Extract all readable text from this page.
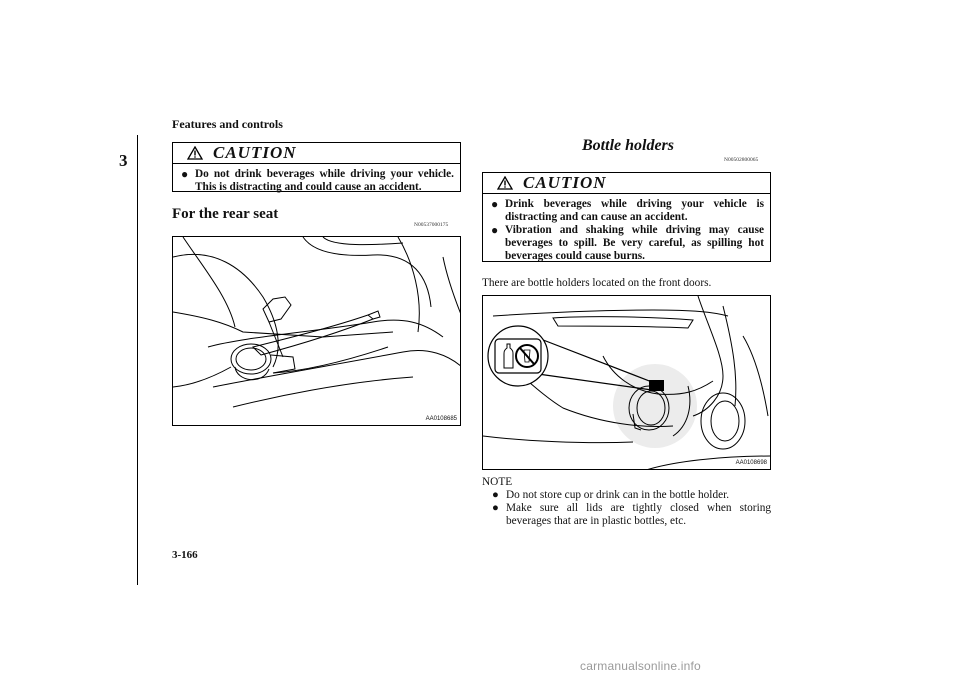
Features and controls
3
3-166
CAUTION
● Do not drink beverages while driving your vehicle. This is distracting and could cause an accident.
For the rear seat
N00537000175
AA0108685
Bottle holders
N00502800065
CAUTION
● Drink beverages while driving your vehicle is distracting and can cause an accident.
● Vibration and shaking while driving may cause beverages to spill. Be very careful, as spilling hot beverages could cause burns.
There are bottle holders located on the front doors.
AA0108698
NOTE
● Do not store cup or drink can in the bottle holder.
● Make sure all lids are tightly closed when storing beverages that are in plastic bottles, etc.
carmanualsonline.info
